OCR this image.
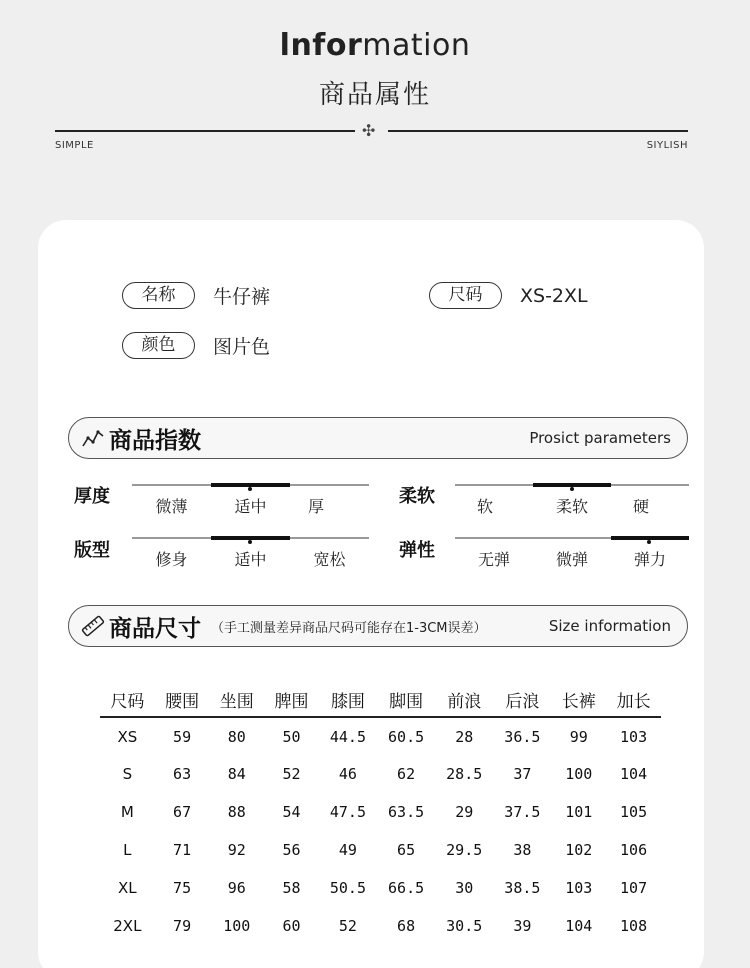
lnformation
商品属性
✣
SIMPLE	SIYLISH
名称	牛仔裤	尺码	XS-2XL
颜色	图片色
商品指数	Prosict parameters
厚度	微薄	适中	厚	柔软	软	柔软	硬
版型	修身	适中	宽松	弹性	无弹	微弹	弹力
商品尺寸 （手工测量差异商品尺码可能存在1-3CM误差）	Size information
尺码	腰围	坐围	脾围	膝围	脚围	前浪	后浪	长裤	加长
XS	59	80	50	44.5	60.5	28	36.5	99	103
S	63	84	52	46	62	28.5	37	100	104
M	67	88	54	47.5	63.5	29	37.5	101	105
L	71	92	56	49	65	29.5	38	102	106
XL	75	96	58	50.5	66.5	30	38.5	103	107
2XL	79	100	60	52	68	30.5	39	104	108
